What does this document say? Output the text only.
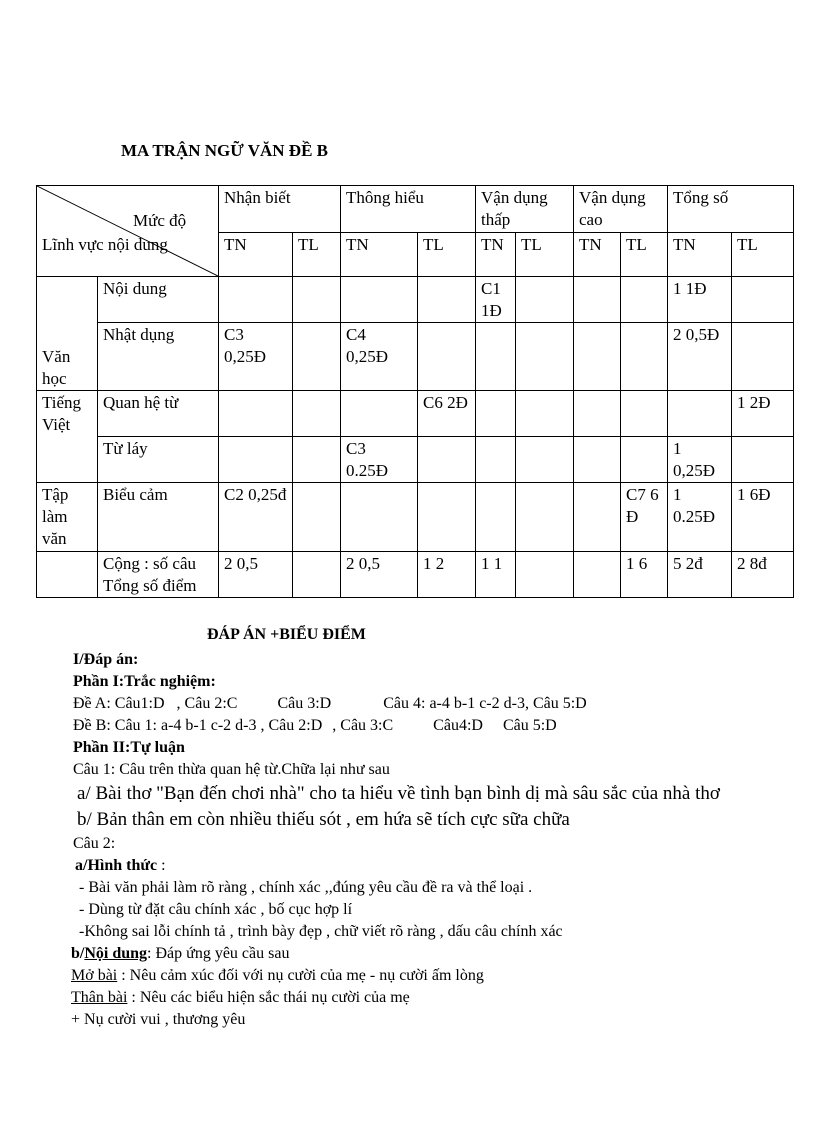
MA TRẬN NGỮ VĂN ĐỀ B
Mức độ
Lĩnh vực nội dung		Nhận biết		Thông hiểu		Vận dụng thấp		Vận dụng cao		Tổng số	
		TN	TL	TN	TL	TN	TL	TN	TL	TN	TL
Văn học	Nội dung					C1 1Đ				1 1Đ	
	Nhật dụng	C3 0,25Đ		C4 0,25Đ						2 0,5Đ	
Tiếng Việt	Quan hệ từ				C6 2Đ						1 2Đ
	Từ láy			C3 0.25Đ						1 0,25Đ	
Tập làm văn	Biểu cảm	C2 0,25đ							C7 6 Đ	1 0.25Đ	1 6Đ
	Cộng : số câu Tổng số điểm	2 0,5		2 0,5	1 2	1 1			1 6	5 2đ	2 8đ
ĐÁP ÁN +BIỂU ĐIỂM
I/Đáp án:
Phần I:Trắc nghiệm:
Đề A: Câu1:D , Câu 2:C	Câu 3:D	Câu 4: a-4 b-1 c-2 d-3, Câu 5:D
Đề B: Câu 1: a-4 b-1 c-2 d-3 , Câu 2:D , Câu 3:C	Câu4:D Câu 5:D
Phần II:Tự luận
Câu 1: Câu trên thừa quan hệ từ.Chữa lại như sau
a/ Bài thơ "Bạn đến chơi nhà" cho ta hiểu về tình bạn bình dị mà sâu sắc của nhà thơ
b/ Bản thân em còn nhiều thiếu sót , em hứa sẽ tích cực sữa chữa
Câu 2:
a/Hình thức :
- Bài văn phải làm rõ ràng , chính xác ,,đúng yêu cầu đề ra và thể loại .
- Dùng từ đặt câu chính xác , bố cục hợp lí
-Không sai lỗi chính tả , trình bày đẹp , chữ viết rõ ràng , dấu câu chính xác
b/Nội dung: Đáp ứng yêu cầu sau
Mở bài : Nêu cảm xúc đối với nụ cười của mẹ - nụ cười ấm lòng
Thân bài : Nêu các biểu hiện sắc thái nụ cười của mẹ
+ Nụ cười vui , thương yêu
